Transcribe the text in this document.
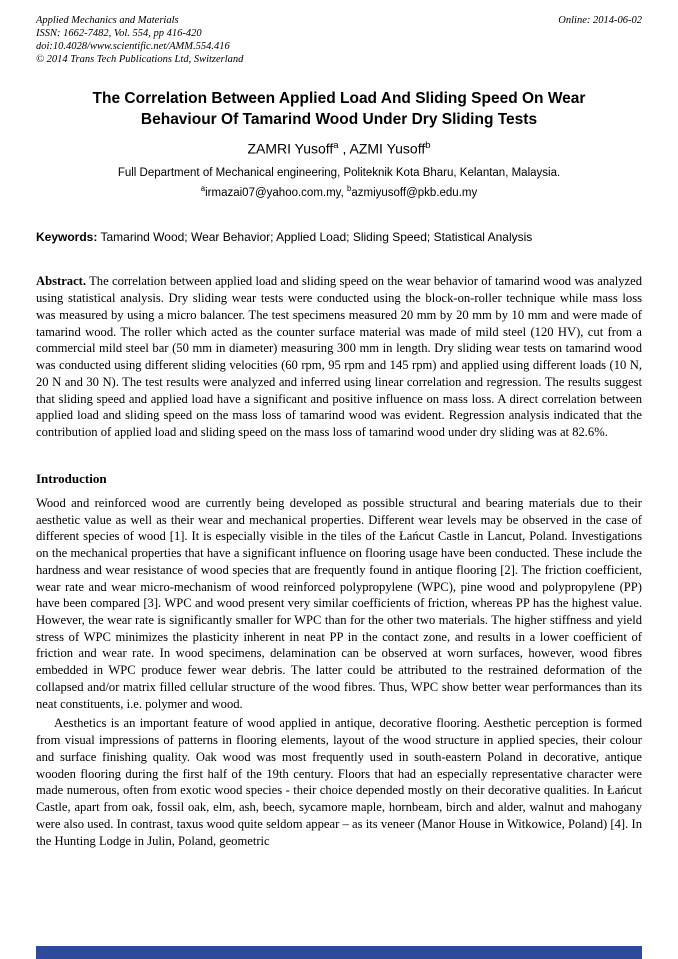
Applied Mechanics and Materials
ISSN: 1662-7482, Vol. 554, pp 416-420
doi:10.4028/www.scientific.net/AMM.554.416
© 2014 Trans Tech Publications Ltd, Switzerland
Online: 2014-06-02
The Correlation Between Applied Load And Sliding Speed On Wear Behaviour Of Tamarind Wood Under Dry Sliding Tests
ZAMRI Yusoff$^a$ , AZMI Yusoff$^b$
Full Department of Mechanical engineering, Politeknik Kota Bharu, Kelantan, Malaysia.
$^a$irmazai07@yahoo.com.my, $^b$azmiyusoff@pkb.edu.my
Keywords: Tamarind Wood; Wear Behavior; Applied Load; Sliding Speed; Statistical Analysis

Abstract. The correlation between applied load and sliding speed on the wear behavior of tamarind wood was analyzed using statistical analysis. Dry sliding wear tests were conducted using the block-on-roller technique while mass loss was measured by using a micro balancer. The test specimens measured 20 mm by 20 mm by 10 mm and were made of tamarind wood. The roller which acted as the counter surface material was made of mild steel (120 HV), cut from a commercial mild steel bar (50 mm in diameter) measuring 300 mm in length. Dry sliding wear tests on tamarind wood was conducted using different sliding velocities (60 rpm, 95 rpm and 145 rpm) and applied using different loads (10 N, 20 N and 30 N). The test results were analyzed and inferred using linear correlation and regression. The results suggest that sliding speed and applied load have a significant and positive influence on mass loss. A direct correlation between applied load and sliding speed on the mass loss of tamarind wood was evident. Regression analysis indicated that the contribution of applied load and sliding speed on the mass loss of tamarind wood under dry sliding was at 82.6%.

Introduction

Wood and reinforced wood are currently being developed as possible structural and bearing materials due to their aesthetic value as well as their wear and mechanical properties. Different wear levels may be observed in the case of different species of wood [1]. It is especially visible in the tiles of the Łańcut Castle in Lancut, Poland. Investigations on the mechanical properties that have a significant influence on flooring usage have been conducted. These include the hardness and wear resistance of wood species that are frequently found in antique flooring [2]. The friction coefficient, wear rate and wear micro-mechanism of wood reinforced polypropylene (WPC), pine wood and polypropylene (PP) have been compared [3]. WPC and wood present very similar coefficients of friction, whereas PP has the highest value. However, the wear rate is significantly smaller for WPC than for the other two materials. The higher stiffness and yield stress of WPC minimizes the plasticity inherent in neat PP in the contact zone, and results in a lower coefficient of friction and wear rate. In wood specimens, delamination can be observed at worn surfaces, however, wood fibres embedded in WPC produce fewer wear debris. The latter could be attributed to the restrained deformation of the collapsed and/or matrix filled cellular structure of the wood fibres. Thus, WPC show better wear performances than its neat constituents, i.e. polymer and wood.

Aesthetics is an important feature of wood applied in antique, decorative flooring. Aesthetic perception is formed from visual impressions of patterns in flooring elements, layout of the wood structure in applied species, their colour and surface finishing quality. Oak wood was most frequently used in south-eastern Poland in decorative, antique wooden flooring during the first half of the 19th century. Floors that had an especially representative character were made numerous, often from exotic wood species - their choice depended mostly on their decorative qualities. In Łańcut Castle, apart from oak, fossil oak, elm, ash, beech, sycamore maple, hornbeam, birch and alder, walnut and mahogany were also used. In contrast, taxus wood quite seldom appear – as its veneer (Manor House in Witkowice, Poland) [4]. In the Hunting Lodge in Julin, Poland, geometric
